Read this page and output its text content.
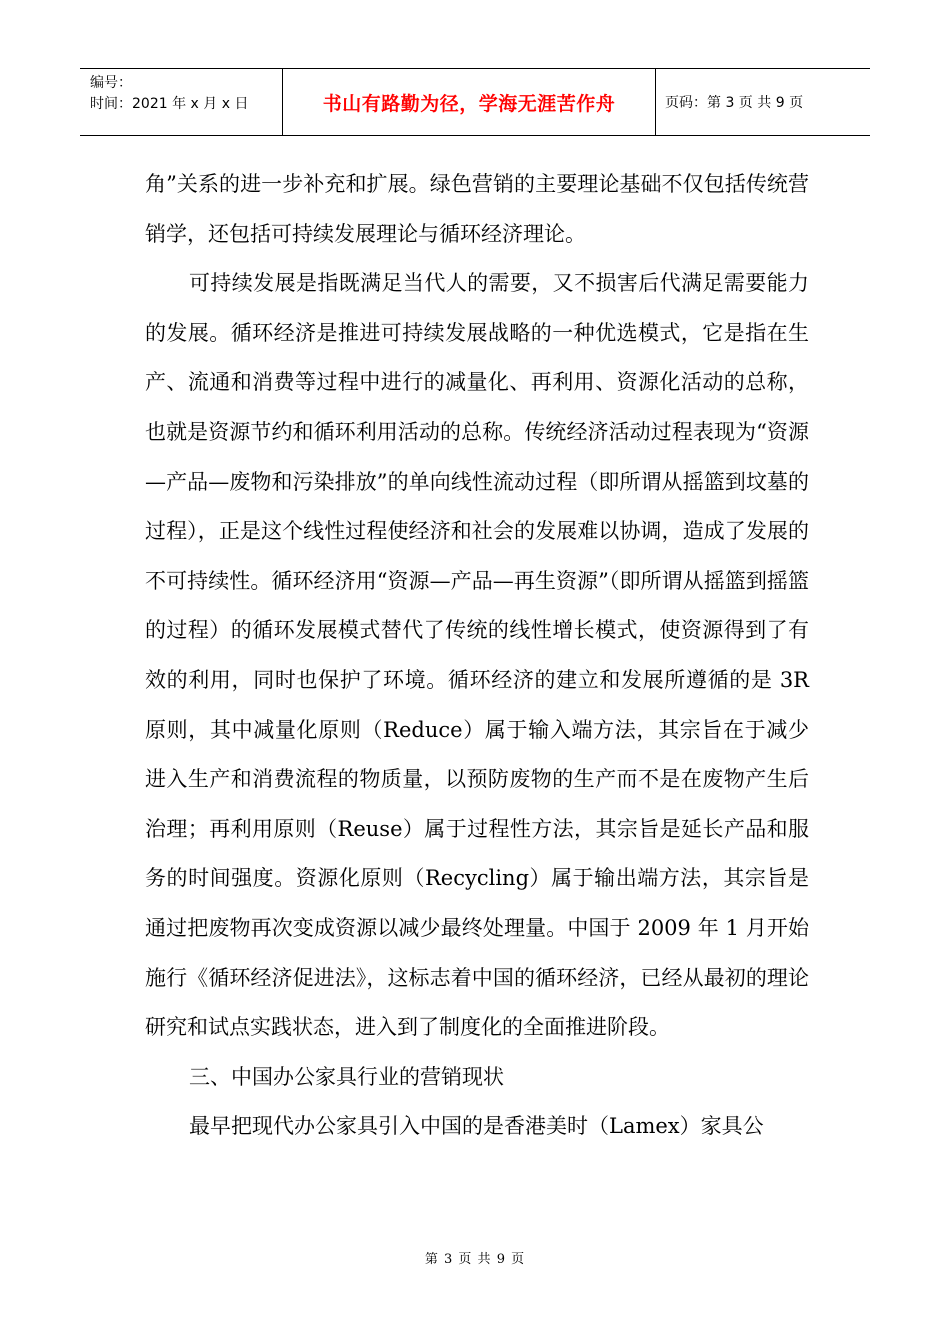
编号：
时间：2021 年 x 月 x 日	书山有路勤为径，学海无涯苦作舟	页码：第 3 页 共 9 页

角”关系的进一步补充和扩展。绿色营销的主要理论基础不仅包括传统营销学，还包括可持续发展理论与循环经济理论。

可持续发展是指既满足当代人的需要，又不损害后代满足需要能力的发展。循环经济是推进可持续发展战略的一种优选模式，它是指在生产、流通和消费等过程中进行的减量化、再利用、资源化活动的总称，也就是资源节约和循环利用活动的总称。传统经济活动过程表现为“资源—产品—废物和污染排放”的单向线性流动过程（即所谓从摇篮到坟墓的过程），正是这个线性过程使经济和社会的发展难以协调，造成了发展的不可持续性。循环经济用“资源—产品—再生资源”（即所谓从摇篮到摇篮的过程）的循环发展模式替代了传统的线性增长模式，使资源得到了有效的利用，同时也保护了环境。循环经济的建立和发展所遵循的是 3R 原则，其中减量化原则（Reduce）属于输入端方法，其宗旨在于减少进入生产和消费流程的物质量，以预防废物的生产而不是在废物产生后治理；再利用原则（Reuse）属于过程性方法，其宗旨是延长产品和服务的时间强度。资源化原则（Recycling）属于输出端方法，其宗旨是通过把废物再次变成资源以减少最终处理量。中国于 2009 年 1 月开始施行《循环经济促进法》，这标志着中国的循环经济，已经从最初的理论研究和试点实践状态，进入到了制度化的全面推进阶段。

三、中国办公家具行业的营销现状

最早把现代办公家具引入中国的是香港美时（Lamex）家具公

第 3 页 共 9 页
